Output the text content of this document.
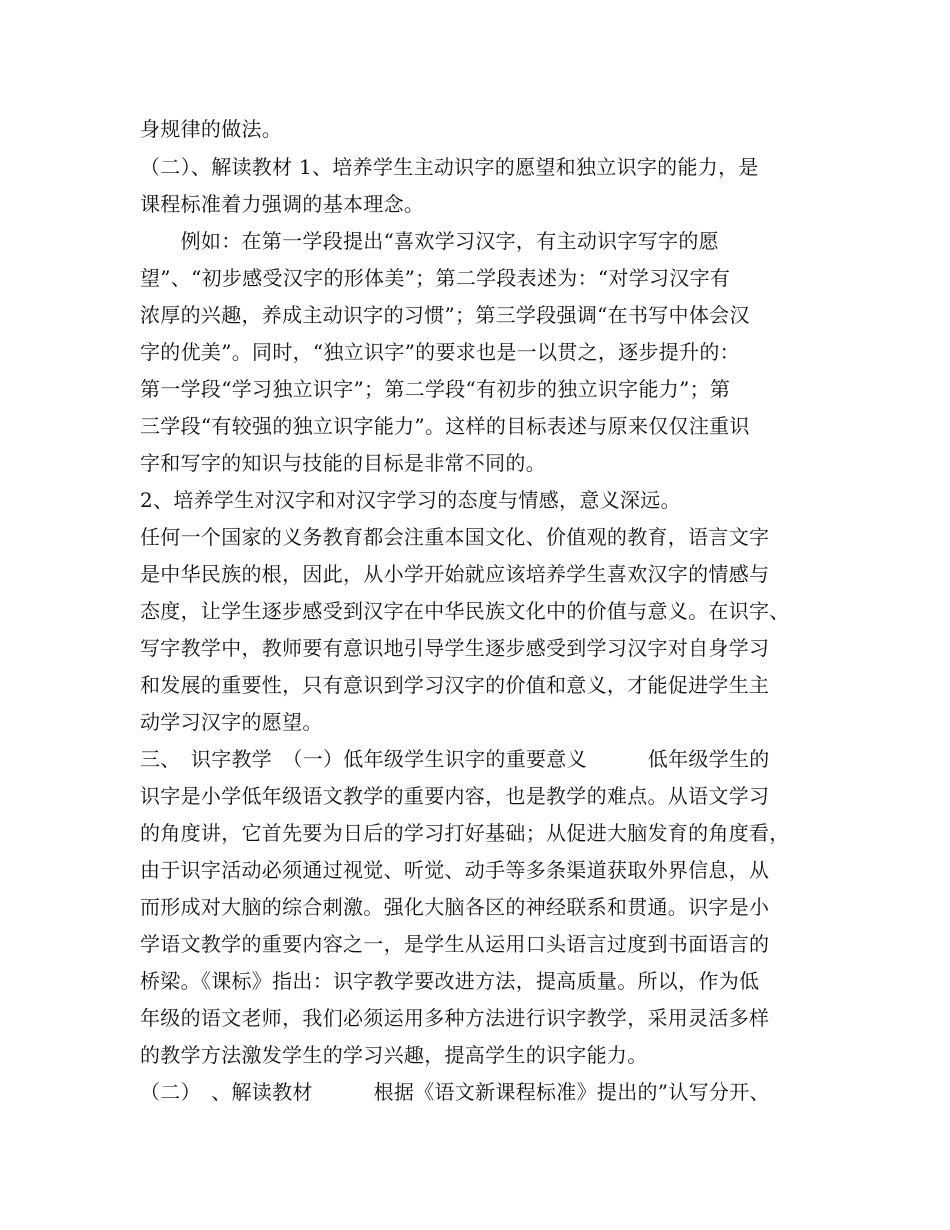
身规律的做法。
（二）、解读教材 1、培养学生主动识字的愿望和独立识字的能力，是
课程标准着力强调的基本理念。
　　例如：在第一学段提出“喜欢学习汉字，有主动识字写字的愿
望”、“初步感受汉字的形体美”；第二学段表述为：“对学习汉字有
浓厚的兴趣，养成主动识字的习惯”；第三学段强调“在书写中体会汉
字的优美”。同时，“独立识字”的要求也是一以贯之，逐步提升的：
第一学段“学习独立识字”；第二学段“有初步的独立识字能力”；第
三学段“有较强的独立识字能力”。这样的目标表述与原来仅仅注重识
字和写字的知识与技能的目标是非常不同的。
2、培养学生对汉字和对汉字学习的态度与情感，意义深远。
任何一个国家的义务教育都会注重本国文化、价值观的教育，语言文字
是中华民族的根，因此，从小学开始就应该培养学生喜欢汉字的情感与
态度，让学生逐步感受到汉字在中华民族文化中的价值与意义。在识字、
写字教学中，教师要有意识地引导学生逐步感受到学习汉字对自身学习
和发展的重要性，只有意识到学习汉字的价值和意义，才能促进学生主
动学习汉字的愿望。
三、　识字教学　（一）低年级学生识字的重要意义　　　低年级学生的
识字是小学低年级语文教学的重要内容，也是教学的难点。从语文学习
的角度讲，它首先要为日后的学习打好基础；从促进大脑发育的角度看，
由于识字活动必须通过视觉、听觉、动手等多条渠道获取外界信息，从
而形成对大脑的综合刺激。强化大脑各区的神经联系和贯通。识字是小
学语文教学的重要内容之一，是学生从运用口头语言过度到书面语言的
桥梁。《课标》指出：识字教学要改进方法，提高质量。所以，作为低
年级的语文老师，我们必须运用多种方法进行识字教学，采用灵活多样
的教学方法激发学生的学习兴趣，提高学生的识字能力。
（二）　、解读教材　　　根据《语文新课程标准》提出的”认写分开、
